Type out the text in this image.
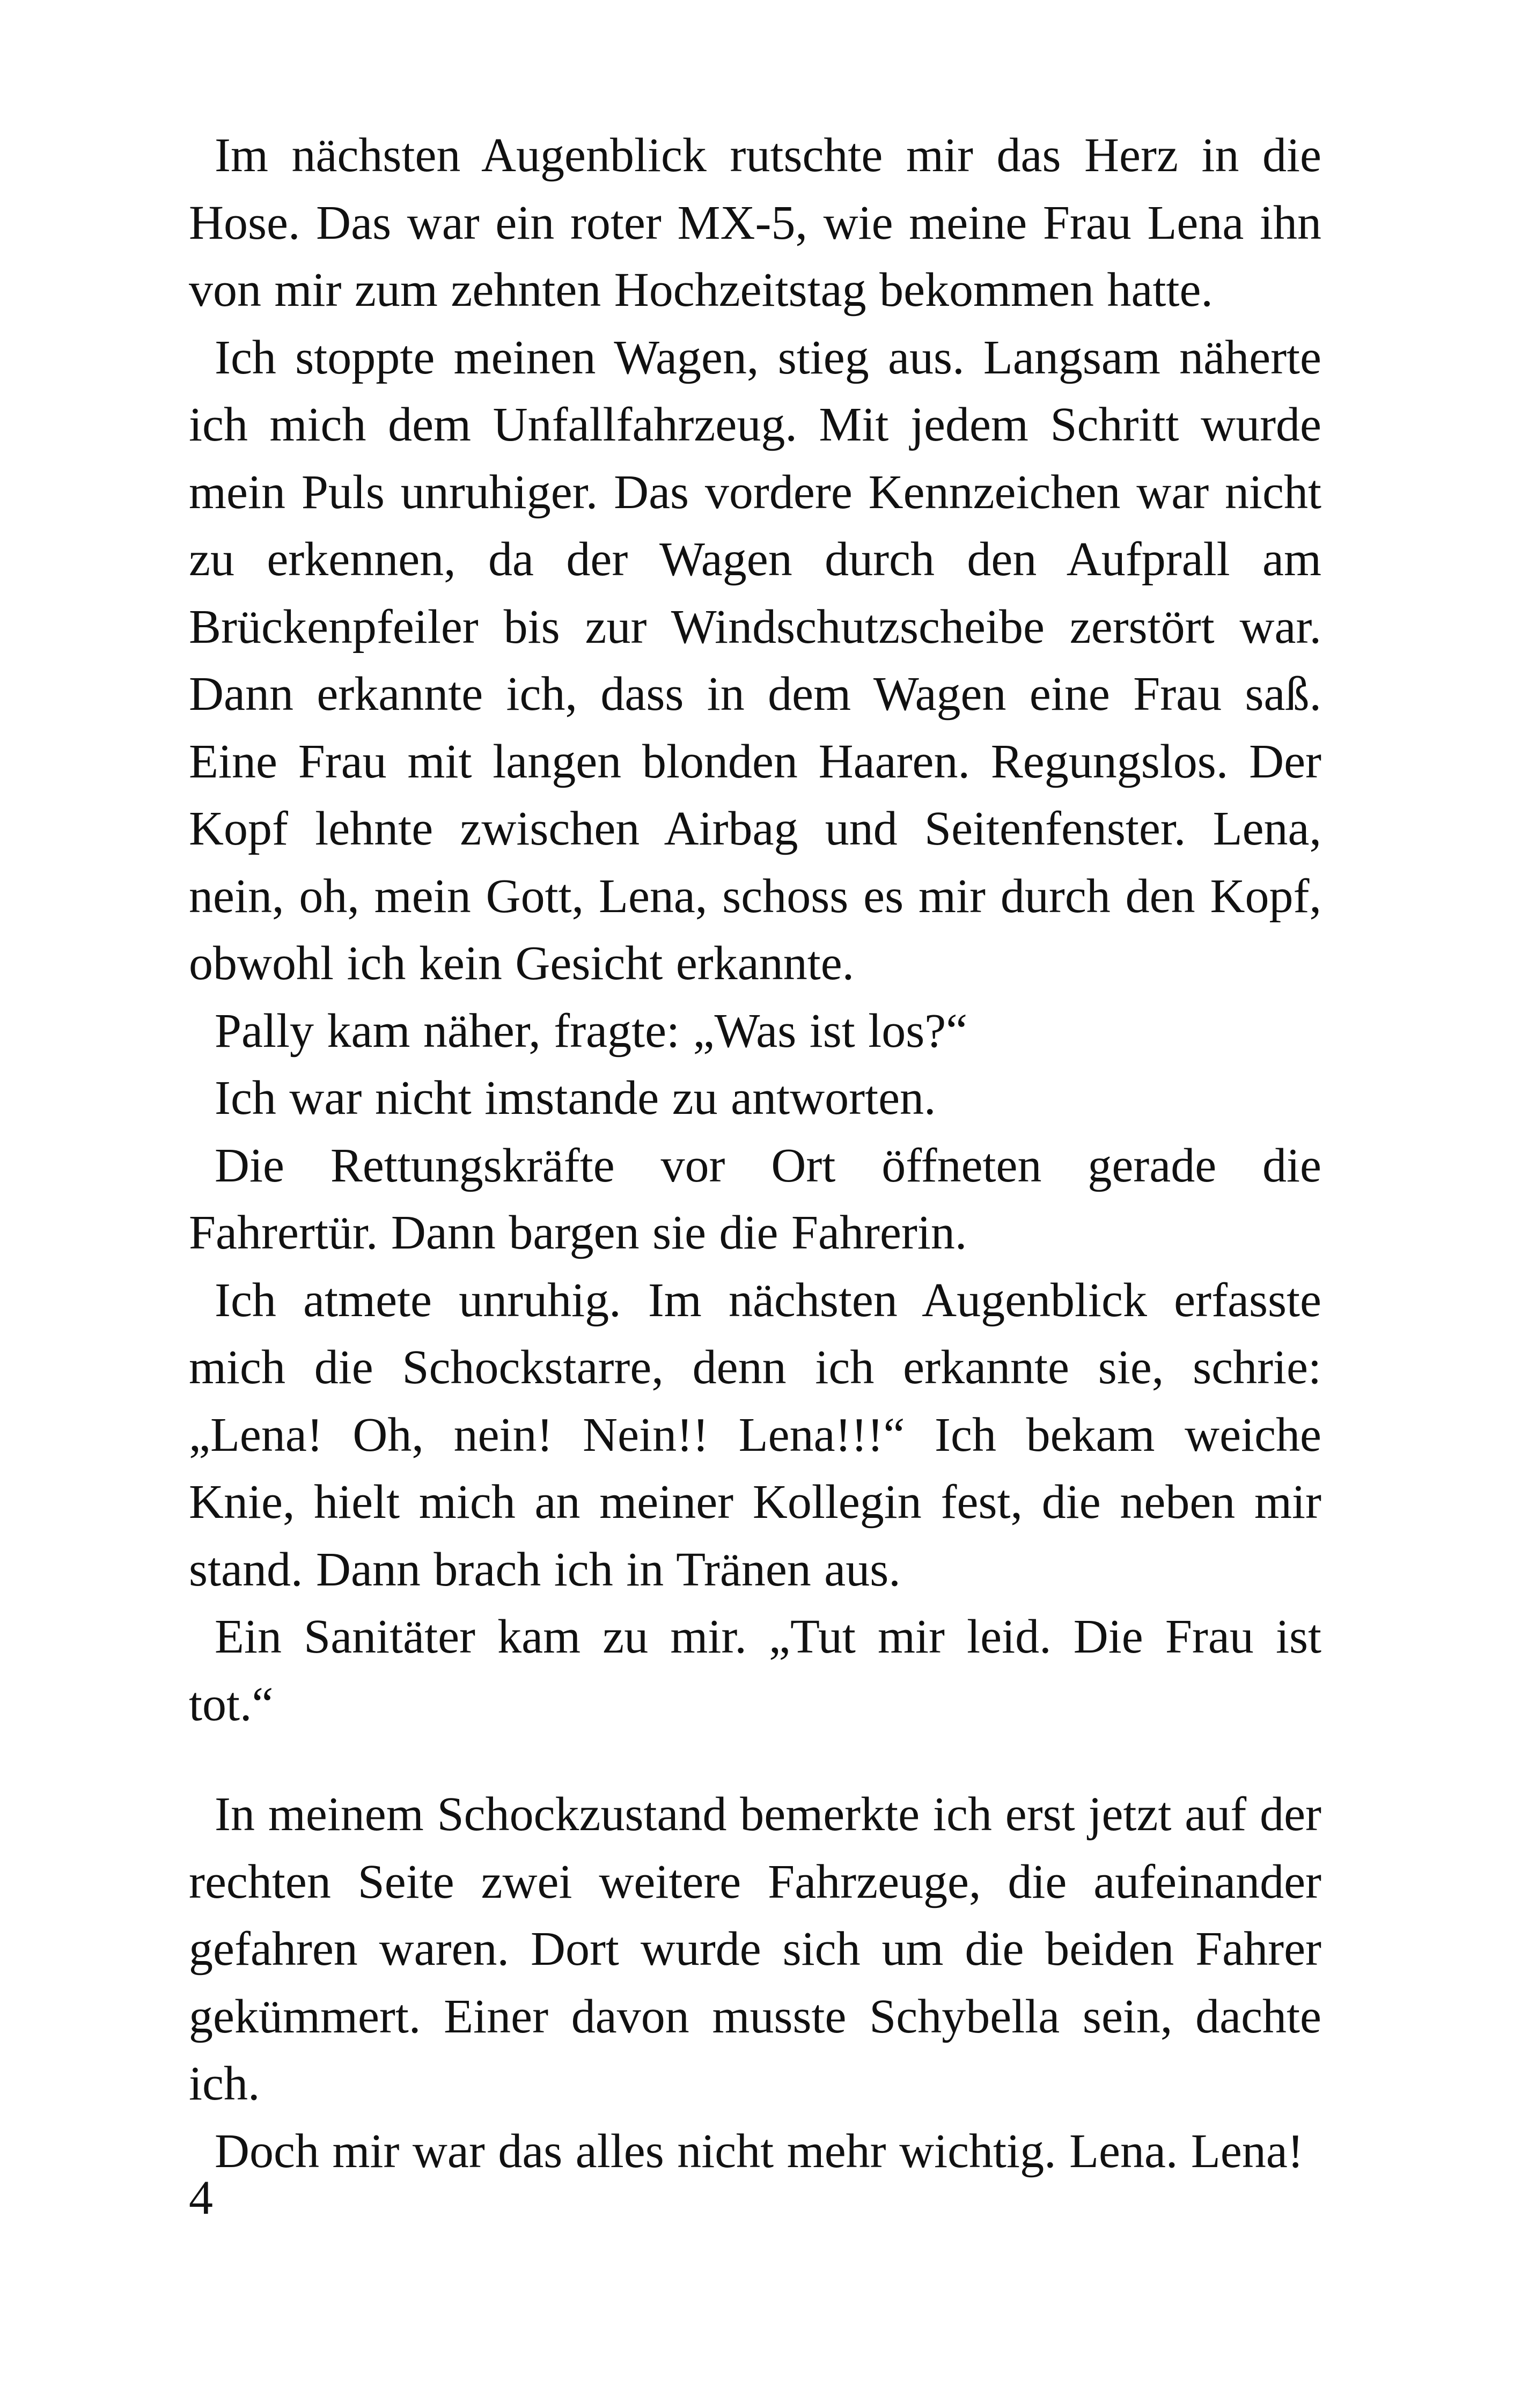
Im nächsten Augenblick rutschte mir das Herz in die Hose. Das war ein roter MX-5, wie meine Frau Lena ihn von mir zum zehnten Hochzeitstag bekommen hatte.

Ich stoppte meinen Wagen, stieg aus. Langsam näherte ich mich dem Unfallfahrzeug. Mit jedem Schritt wurde mein Puls unruhiger. Das vordere Kennzeichen war nicht zu erkennen, da der Wagen durch den Aufprall am Brückenpfeiler bis zur Windschutzscheibe zerstört war. Dann erkannte ich, dass in dem Wagen eine Frau saß. Eine Frau mit langen blonden Haaren. Regungslos. Der Kopf lehnte zwischen Airbag und Seitenfenster. Lena, nein, oh, mein Gott, Lena, schoss es mir durch den Kopf, obwohl ich kein Gesicht erkannte.

Pally kam näher, fragte: „Was ist los?“

Ich war nicht imstande zu antworten.

Die Rettungskräfte vor Ort öffneten gerade die Fahrertür. Dann bargen sie die Fahrerin.

Ich atmete unruhig. Im nächsten Augenblick erfasste mich die Schockstarre, denn ich erkannte sie, schrie: „Lena! Oh, nein! Nein!! Lena!!!“ Ich bekam weiche Knie, hielt mich an meiner Kollegin fest, die neben mir stand. Dann brach ich in Tränen aus.

Ein Sanitäter kam zu mir. „Tut mir leid. Die Frau ist tot.“

In meinem Schockzustand bemerkte ich erst jetzt auf der rechten Seite zwei weitere Fahrzeuge, die aufeinander gefahren waren. Dort wurde sich um die beiden Fahrer gekümmert. Einer davon musste Schybella sein, dachte ich.

Doch mir war das alles nicht mehr wichtig. Lena. Lena!

4
